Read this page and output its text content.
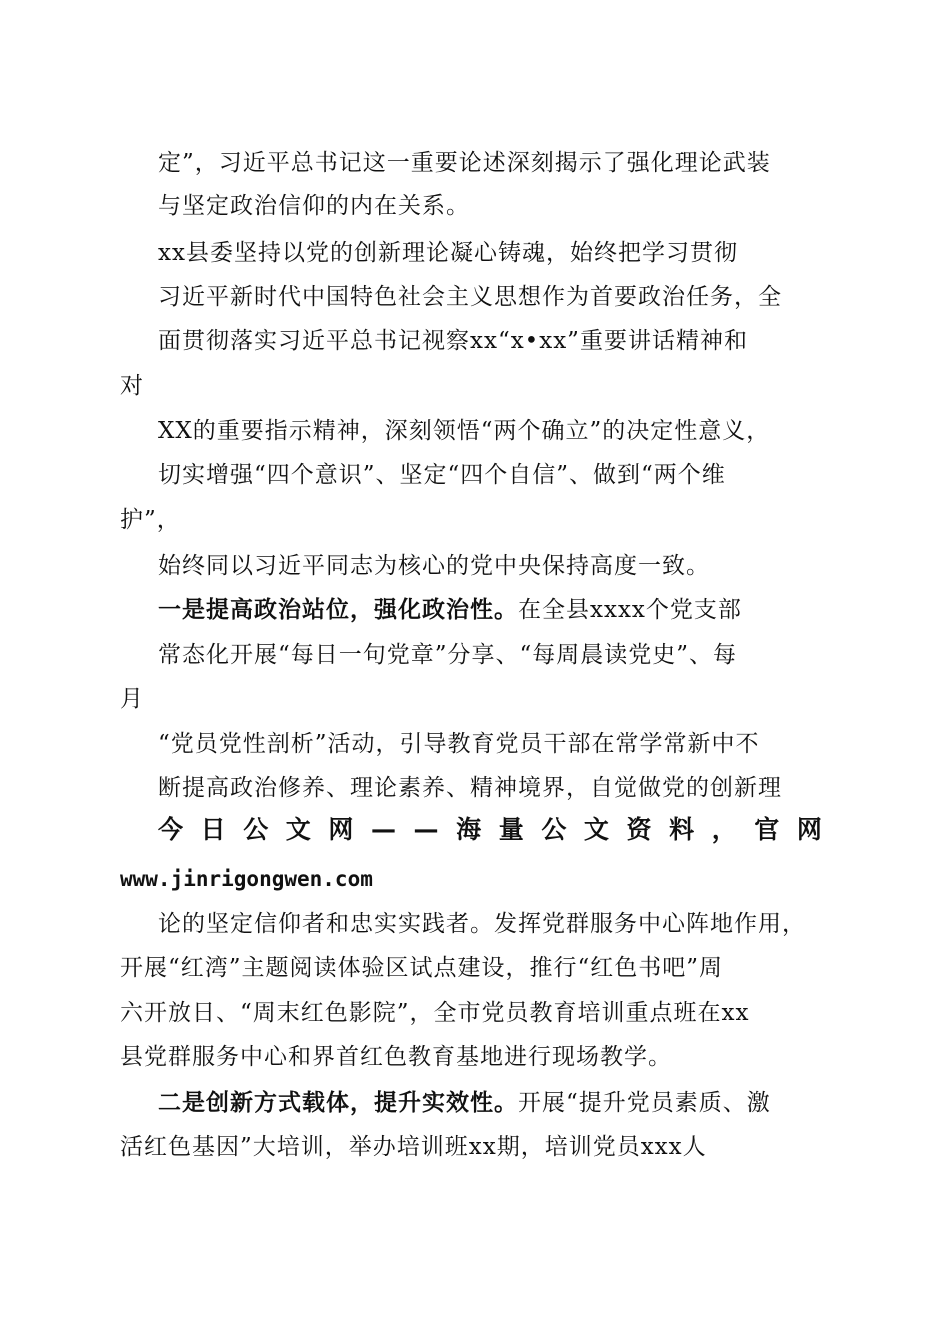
定”，习近平总书记这一重要论述深刻揭示了强化理论武装
与坚定政治信仰的内在关系。
xx县委坚持以党的创新理论凝心铸魂，始终把学习贯彻
习近平新时代中国特色社会主义思想作为首要政治任务，全
面贯彻落实习近平总书记视察xx“x•xx”重要讲话精神和
对
XX的重要指示精神，深刻领悟“两个确立”的决定性意义，
切实增强“四个意识”、坚定“四个自信”、做到“两个维
护”，
始终同以习近平同志为核心的党中央保持高度一致。
一是提高政治站位，强化政治性。在全县xxxx个党支部
常态化开展“每日一句党章”分享、“每周晨读党史”、每
月
“党员党性剖析”活动，引导教育党员干部在常学常新中不
断提高政治修养、理论素养、精神境界，自觉做党的创新理
今 日 公 文 网 — — 海 量 公 文 资 料 ， 官 网
www.jinrigongwen.com
论的坚定信仰者和忠实实践者。发挥党群服务中心阵地作用，
开展“红湾”主题阅读体验区试点建设，推行“红色书吧”周
六开放日、“周末红色影院”，全市党员教育培训重点班在xx
县党群服务中心和界首红色教育基地进行现场教学。
二是创新方式载体，提升实效性。开展“提升党员素质、激
活红色基因”大培训，举办培训班xx期，培训党员xxx人
